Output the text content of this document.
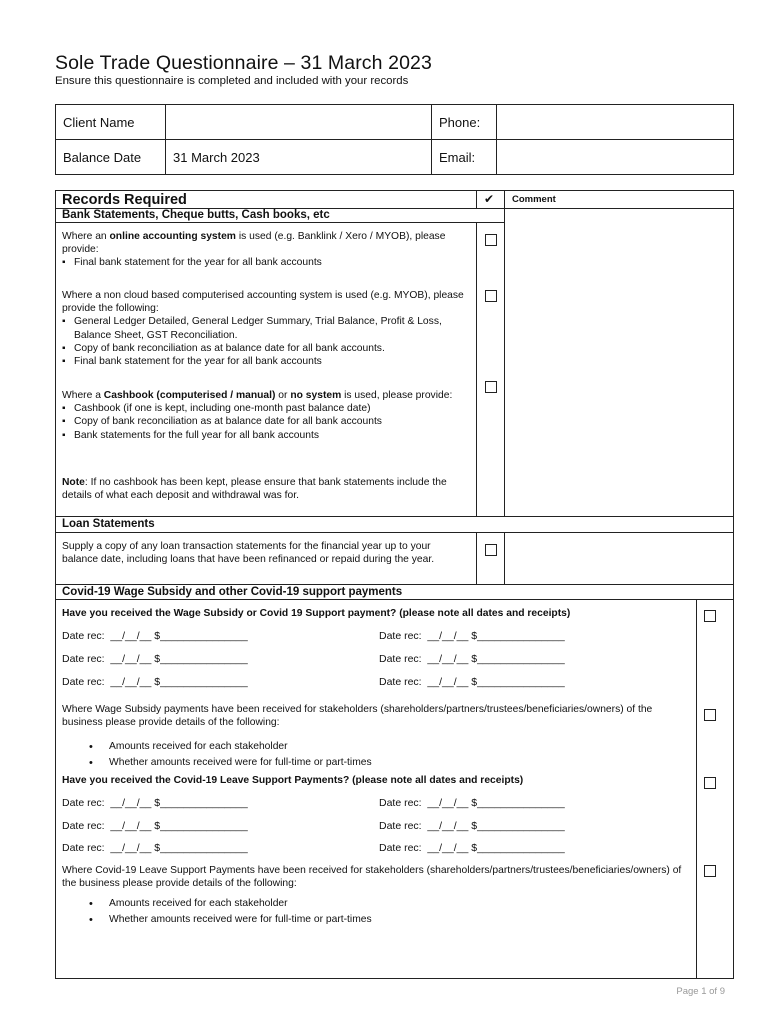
Sole Trade Questionnaire – 31 March 2023
Ensure this questionnaire is completed and included with your records
Client Name		Phone:	
Balance Date	31 March 2023	Email:	
Records Required	✔ Comment
Bank Statements, Cheque butts, Cash books, etc
Where an online accounting system is used (e.g. Banklink / Xero / MYOB), please provide:
▪ Final bank statement for the year for all bank accounts
Where a non cloud based computerised accounting system is used (e.g. MYOB), please provide the following:
▪ General Ledger Detailed, General Ledger Summary, Trial Balance, Profit & Loss, Balance Sheet, GST Reconciliation.
▪ Copy of bank reconciliation as at balance date for all bank accounts.
▪ Final bank statement for the year for all bank accounts
Where a Cashbook (computerised / manual) or no system is used, please provide:
▪ Cashbook (if one is kept, including one-month past balance date)
▪ Copy of bank reconciliation as at balance date for all bank accounts
▪ Bank statements for the full year for all bank accounts
Note: If no cashbook has been kept, please ensure that bank statements include the details of what each deposit and withdrawal was for.
Loan Statements
Supply a copy of any loan transaction statements for the financial year up to your balance date, including loans that have been refinanced or repaid during the year.
Covid-19 Wage Subsidy and other Covid-19 support payments
Have you received the Wage Subsidy or Covid 19 Support payment? (please note all dates and receipts)
Date rec:  __/__/__ $_______________	Date rec:  __/__/__ $_______________
Date rec:  __/__/__ $_______________	Date rec:  __/__/__ $_______________
Date rec:  __/__/__ $_______________	Date rec:  __/__/__ $_______________
Where Wage Subsidy payments have been received for stakeholders (shareholders/partners/trustees/beneficiaries/owners) of the business please provide details of the following:
• Amounts received for each stakeholder
• Whether amounts received were for full-time or part-times
Have you received the Covid-19 Leave Support Payments? (please note all dates and receipts)
Date rec:  __/__/__ $_______________	Date rec:  __/__/__ $_______________
Date rec:  __/__/__ $_______________	Date rec:  __/__/__ $_______________
Date rec:  __/__/__ $_______________	Date rec:  __/__/__ $_______________
Where Covid-19 Leave Support Payments have been received for stakeholders (shareholders/partners/trustees/beneficiaries/owners) of the business please provide details of the following:
• Amounts received for each stakeholder
• Whether amounts received were for full-time or part-times
Page 1 of 9
